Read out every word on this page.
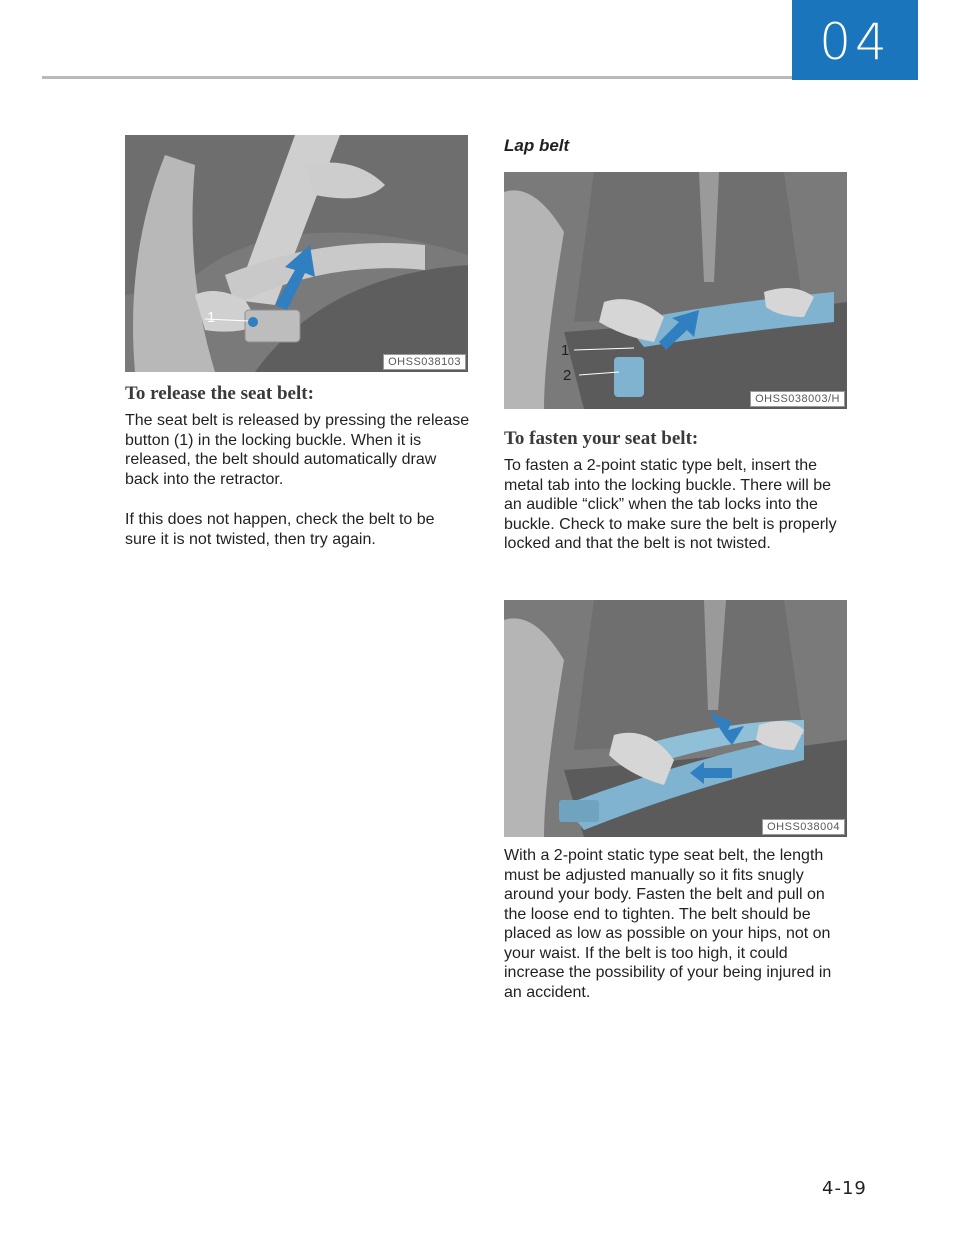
04
1
OHSS038103
To release the seat belt:
The seat belt is released by pressing the release button (1) in the locking buckle. When it is released, the belt should automatically draw back into the retractor.
If this does not happen, check the belt to be sure it is not twisted, then try again.
Lap belt
1
2
OHSS038003/H
To fasten your seat belt:
To fasten a 2-point static type belt, insert the metal tab into the locking buckle. There will be an audible “click” when the tab locks into the buckle. Check to make sure the belt is properly locked and that the belt is not twisted.
OHSS038004
With a 2-point static type seat belt, the length must be adjusted manually so it fits snugly around your body. Fasten the belt and pull on the loose end to tighten. The belt should be placed as low as possible on your hips, not on your waist. If the belt is too high, it could increase the possibility of your being injured in an accident.
4-19
